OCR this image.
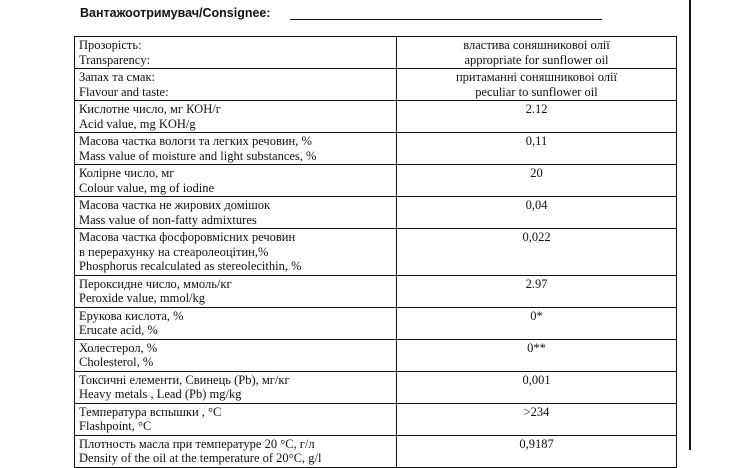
Вантажоотримувач/Consignee:
Прозорість:
Transparency:	властива соняшниковоі олії
appropriate for sunflower oil

Запах та смак:
Flavour and taste:	притаманні соняшниковоі олії
peculiar to sunflower oil

Кислотне число, мг КОН/г
Acid value, mg KOH/g	2.12

Масова частка вологи та легких речовин, %
Mass value of moisture and light substances, %	0,11

Колірне число, мг
Colour value, mg of iodine	20

Масова частка не жирових домішок
Mass value of non-fatty admixtures	0,04

Масова частка фосфоровмісних речовин
в перерахунку на стеаролеоцітин,%
Phosphorus recalculated as stereolecithin, %	0,022

Пероксидне число, ммоль/кг
Peroxide value, mmol/kg	2.97

Ерукова кислота, %
Erucate acid, %	0*

Холестерол, %
Cholesterol, %	0**

Токсичні елементи, Свинець (Pb), мг/кг
Heavy metals , Lead (Pb) mg/kg	0,001

Температура вспышки , °С
Flashpoint, °C	>234

Плотность масла при температуре 20 °С, г/л
Density of the oil at the temperature of 20°C, g/l	0,9187
